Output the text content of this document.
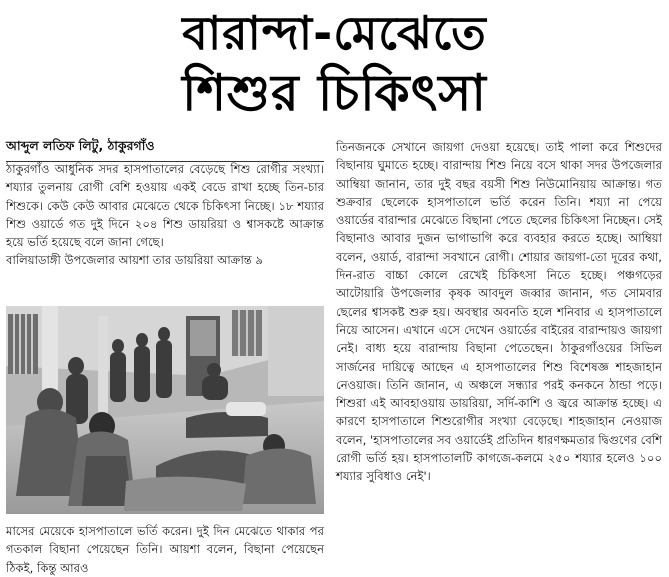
বারান্দা-মেঝেতে
শিশুর চিকিৎসা
আব্দুল লতিফ লিটু, ঠাকুরগাঁও

ঠাকুরগাঁও আধুনিক সদর হাসপাতালের বেড়েছে শিশু রোগীর সংখ্যা। শয্যার তুলনায় রোগী বেশি হওয়ায় একই বেডে রাখা হচ্ছে তিন-চার শিশুকে। কেউ কেউ আবার মেঝেতে থেকে চিকিৎসা নিচ্ছে। ১৮ শয্যার শিশু ওয়ার্ডে গত দুই দিনে ২০৪ শিশু ডায়রিয়া ও শ্বাসকষ্টে আক্রান্ত হয়ে ভর্তি হয়েছে বলে জানা গেছে।

বালিয়াডাঙ্গী উপজেলার আয়শা তার ডায়রিয়া আক্রান্ত ৯

মাসের মেয়েকে হাসপাতালে ভর্তি করেন। দুই দিন মেঝেতে থাকার পর গতকাল বিছানা পেয়েছেন তিনি। আয়শা বলেন, বিছানা পেয়েছেন ঠিকই, কিন্তু আরও

তিনজনকে সেখানে জায়গা দেওয়া হয়েছে। তাই পালা করে শিশুদের বিছানায় ঘুমাতে হচ্ছে। বারান্দায় শিশু নিয়ে বসে থাকা সদর উপজেলার আম্বিয়া জানান, তার দুই বছর বয়সী শিশু নিউমোনিয়ায় আক্রান্ত। গত শুক্রবার ছেলেকে হাসপাতালে ভর্তি করেন তিনি। শয্যা না পেয়ে ওয়ার্ডের বারান্দার মেঝেতে বিছানা পেতে ছেলের চিকিৎসা নিচ্ছেন। সেই বিছানাও আবার দুজন ভাগাভাগি করে ব্যবহার করতে হচ্ছে। আম্বিয়া বলেন, ওয়ার্ড, বারান্দা সবখানে রোগী। শোয়ার জায়গা-তো দূরের কথা, দিন-রাত বাচ্চা কোলে রেখেই চিকিৎসা নিতে হচ্ছে। পঞ্চগড়ের আটোয়ারি উপজেলার কৃষক আবদুল জব্বার জানান, গত সোমবার ছেলের শ্বাসকষ্ট শুরু হয়। অবস্থার অবনতি হলে শনিবার এ হাসপাতালে নিয়ে আসেন। এখানে এসে দেখেন ওয়ার্ডের বাইরের বারান্দায়ও জায়গা নেই। বাধ্য হয়ে বারান্দায় বিছানা পেতেছেন। ঠাকুরগাঁওয়ের সিভিল সার্জনের দায়িত্বে আছেন এ হাসপাতালের শিশু বিশেষজ্ঞ শাহজাহান নেওয়াজ। তিনি জানান, এ অঞ্চলে সন্ধ্যার পরই কনকনে ঠান্ডা পড়ে। শিশুরা এই আবহাওয়ায় ডায়রিয়া, সর্দি-কাশি ও জ্বরে আক্রান্ত হচ্ছে। এ কারণে হাসপাতালে শিশুরোগীর সংখ্যা বেড়েছে। শাহজাহান নেওয়াজ বলেন, 'হাসপাতালের সব ওয়ার্ডেই প্রতিদিন ধারণক্ষমতার দ্বিগুণের বেশি রোগী ভর্তি হয়। হাসপাতালটি কাগজে-কলমে ২৫০ শয্যার হলেও ১০০ শয্যার সুবিধাও নেই'।
